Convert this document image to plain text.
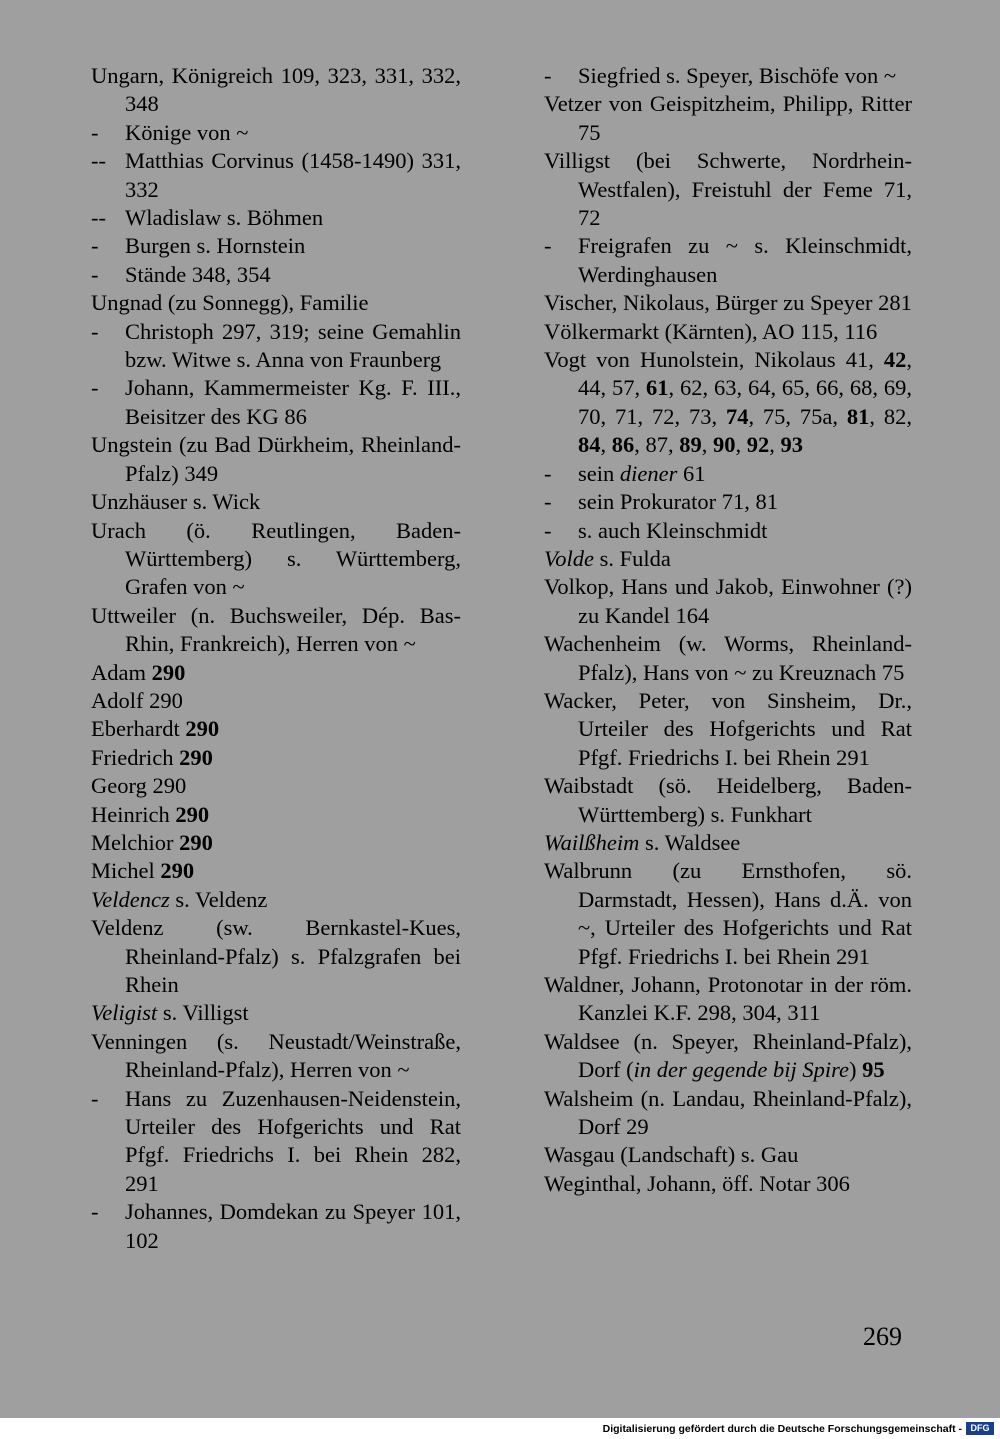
Ungarn, Königreich 109, 323, 331, 332, 348
- Könige von ~
-- Matthias Corvinus (1458-1490) 331, 332
-- Wladislaw s. Böhmen
- Burgen s. Hornstein
- Stände 348, 354
Ungnad (zu Sonnegg), Familie
- Christoph 297, 319; seine Gemahlin bzw. Witwe s. Anna von Fraunberg
- Johann, Kammermeister Kg. F. III., Beisitzer des KG 86
Ungstein (zu Bad Dürkheim, Rheinland-Pfalz) 349
Unzhäuser s. Wick
Urach (ö. Reutlingen, Baden-Württemberg) s. Württemberg, Grafen von ~
Uttweiler (n. Buchsweiler, Dép. Bas-Rhin, Frankreich), Herren von ~
Adam 290
Adolf 290
Eberhardt 290
Friedrich 290
Georg 290
Heinrich 290
Melchior 290
Michel 290
Veldencz s. Veldenz
Veldenz (sw. Bernkastel-Kues, Rheinland-Pfalz) s. Pfalzgrafen bei Rhein
Veligist s. Villigst
Venningen (s. Neustadt/Weinstraße, Rheinland-Pfalz), Herren von ~
- Hans zu Zuzenhausen-Neidenstein, Urteiler des Hofgerichts und Rat Pfgf. Friedrichs I. bei Rhein 282, 291
- Johannes, Domdekan zu Speyer 101, 102
- Siegfried s. Speyer, Bischöfe von ~
Vetzer von Geispitzheim, Philipp, Ritter 75
Villigst (bei Schwerte, Nordrhein-Westfalen), Freistuhl der Feme 71, 72
- Freigrafen zu ~ s. Kleinschmidt, Werdinghausen
Vischer, Nikolaus, Bürger zu Speyer 281
Völkermarkt (Kärnten), AO 115, 116
Vogt von Hunolstein, Nikolaus 41, 42, 44, 57, 61, 62, 63, 64, 65, 66, 68, 69, 70, 71, 72, 73, 74, 75, 75a, 81, 82, 84, 86, 87, 89, 90, 92, 93
- sein diener 61
- sein Prokurator 71, 81
- s. auch Kleinschmidt
Volde s. Fulda
Volkop, Hans und Jakob, Einwohner (?) zu Kandel 164
Wachenheim (w. Worms, Rheinland-Pfalz), Hans von ~ zu Kreuznach 75
Wacker, Peter, von Sinsheim, Dr., Urteiler des Hofgerichts und Rat Pfgf. Friedrichs I. bei Rhein 291
Waibstadt (sö. Heidelberg, Baden-Württemberg) s. Funkhart
Wailßheim s. Waldsee
Walbrunn (zu Ernsthofen, sö. Darmstadt, Hessen), Hans d.Ä. von ~, Urteiler des Hofgerichts und Rat Pfgf. Friedrichs I. bei Rhein 291
Waldner, Johann, Protonotar in der röm. Kanzlei K.F. 298, 304, 311
Waldsee (n. Speyer, Rheinland-Pfalz), Dorf (in der gegende bij Spire) 95
Walsheim (n. Landau, Rheinland-Pfalz), Dorf 29
Wasgau (Landschaft) s. Gau
Weginthal, Johann, öff. Notar 306
269
Digitalisierung gefördert durch die Deutsche Forschungsgemeinschaft - DFG
